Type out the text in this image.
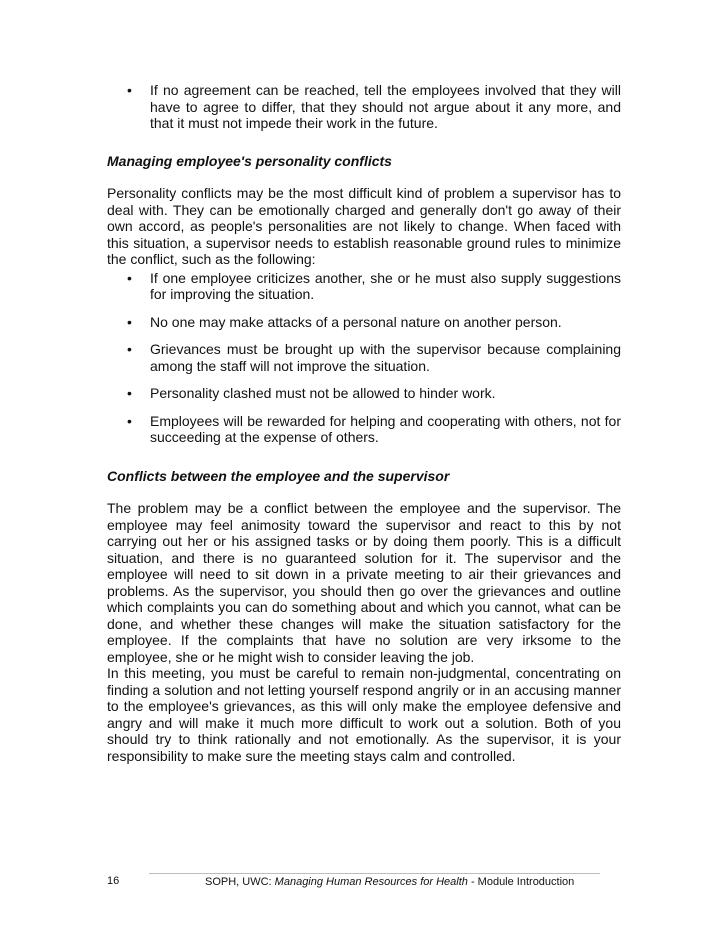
• If no agreement can be reached, tell the employees involved that they will have to agree to differ, that they should not argue about it any more, and that it must not impede their work in the future.
Managing employee's personality conflicts

Personality conflicts may be the most difficult kind of problem a supervisor has to deal with. They can be emotionally charged and generally don't go away of their own accord, as people's personalities are not likely to change. When faced with this situation, a supervisor needs to establish reasonable ground rules to minimize the conflict, such as the following:

• If one employee criticizes another, she or he must also supply suggestions for improving the situation.
• No one may make attacks of a personal nature on another person.
• Grievances must be brought up with the supervisor because complaining among the staff will not improve the situation.
• Personality clashed must not be allowed to hinder work.
• Employees will be rewarded for helping and cooperating with others, not for succeeding at the expense of others.
Conflicts between the employee and the supervisor

The problem may be a conflict between the employee and the supervisor. The employee may feel animosity toward the supervisor and react to this by not carrying out her or his assigned tasks or by doing them poorly. This is a difficult situation, and there is no guaranteed solution for it. The supervisor and the employee will need to sit down in a private meeting to air their grievances and problems. As the supervisor, you should then go over the grievances and outline which complaints you can do something about and which you cannot, what can be done, and whether these changes will make the situation satisfactory for the employee. If the complaints that have no solution are very irksome to the employee, she or he might wish to consider leaving the job.

In this meeting, you must be careful to remain non-judgmental, concentrating on finding a solution and not letting yourself respond angrily or in an accusing manner to the employee's grievances, as this will only make the employee defensive and angry and will make it much more difficult to work out a solution. Both of you should try to think rationally and not emotionally. As the supervisor, it is your responsibility to make sure the meeting stays calm and controlled.

16	SOPH, UWC: Managing Human Resources for Health - Module Introduction
